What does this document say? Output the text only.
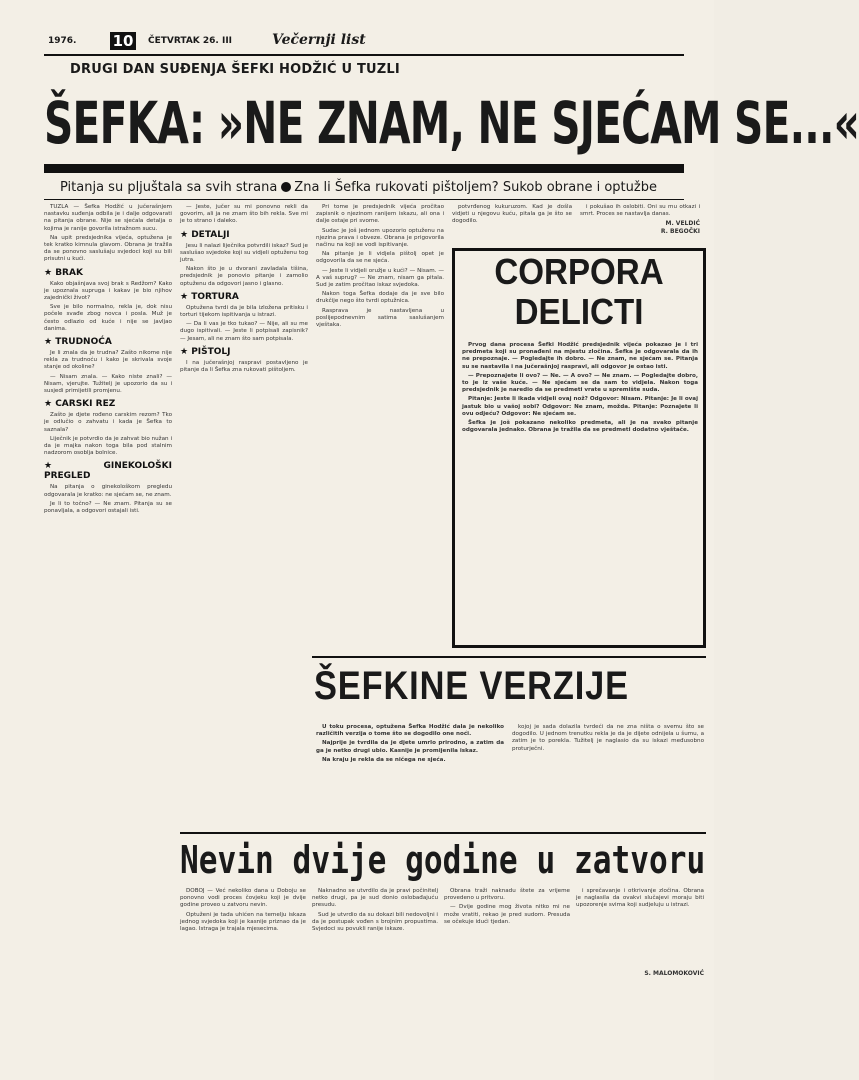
1976. 10 ČETVRTAK 26. III	Večernji list
DRUGI DAN SUĐENJA ŠEFKI HODŽIĆ U TUZLI
ŠEFKA: »NE ZNAM, NE SJEĆAM SE...«
Pitanja su pljuštala sa svih strana Zna li Šefka rukovati pištoljem? Sukob obrane i optužbe

TUZLA — Šefka Hodžić u jučerašnjem nastavku suđenja odbila je i dalje odgovarati na pitanja obrane. Nije se sjećala detalja o kojima je ranije govorila istražnom sucu.

Na upit predsjednika vijeća, optužena je tek kratko kimnula glavom. Obrana je tražila da se ponovno saslušaju svjedoci koji su bili prisutni u kući.

★ BRAK

Kako objašnjava svoj brak s Redžom? Kako je upoznala supruga i kakav je bio njihov zajednički život?

Sve je bilo normalno, rekla je, dok nisu počele svađe zbog novca i posla. Muž je često odlazio od kuće i nije se javljao danima.

★ TRUDNOĆA

Je li znala da je trudna? Zašto nikome nije rekla za trudnoću i kako je skrivala svoje stanje od okoline?

— Nisam znala. — Kako niste znali? — Nisam, vjerujte. Tužitelj je upozorio da su i susjedi primijetili promjenu.

★ CARSKI REZ

Zašto je djete rođeno carskim rezom? Tko je odlučio o zahvatu i kada je Šefka to saznala?

Liječnik je potvrdio da je zahvat bio nužan i da je majka nakon toga bila pod stalnim nadzorom osoblja bolnice.

★ GINEKOLOŠKI PREGLED

Na pitanja o ginekološkom pregledu odgovarala je kratko: ne sjećam se, ne znam.

Je li to točno? — Ne znam. Pitanja su se ponavljala, a odgovori ostajali isti.

— Jeste, jučer su mi ponovno rekli da govorim, ali ja ne znam što bih rekla. Sve mi je to strano i daleko.

★ DETALJI

Jesu li nalazi liječnika potvrdili iskaz? Sud je saslušao svjedoke koji su vidjeli optuženu tog jutra.

Nakon što je u dvorani zavladala tišina, predsjednik je ponovio pitanje i zamolio optuženu da odgovori jasno i glasno.

★ TORTURA

Optužena tvrdi da je bila izložena pritisku i torturi tijekom ispitivanja u istrazi.

— Da li vas je tko tukao? — Nije, ali su me dugo ispitivali. — Jeste li potpisali zapisnik? — Jesam, ali ne znam što sam potpisala.

★ PIŠTOLJ

I na jučerašnjoj raspravi postavljeno je pitanje da li Šefka zna rukovati pištoljem.

Pri tome je predsjednik vijeća pročitao zapisnik o njezinom ranijem iskazu, ali ona i dalje ostaje pri svome.

Sudac je još jednom upozorio optuženu na njezina prava i obveze. Obrana je prigovorila načinu na koji se vodi ispitivanje.

Na pitanje je li vidjela pištolj opet je odgovorila da se ne sjeća.

— Jeste li vidjeli oružje u kući? — Nisam. — A vaš suprug? — Ne znam, nisam ga pitala. Sud je zatim pročitao iskaz svjedoka.

Nakon toga Šefka dodaje da je sve bilo drukčije nego što tvrdi optužnica.

Rasprava je nastavljena u poslijepodnevnim satima saslušanjem vještaka.

potvrđenog kukuruzom. Kad je došla vidjeti u njegovu kuću, pitala ga je što se dogodilo.

i pokušao ih oslobiti. Oni su mu otkazi i smrt. Proces se nastavlja danas.

M. VELDIĆ
R. BEGOČKI
CORPORA
DELICTI

Prvog dana procesa Šefki Hodžić predsjednik vijeća pokazao je i tri predmeta koji su pronađeni na mjestu zločina. Šefka je odgovarala da ih ne prepoznaje. — Pogledajte ih dobro. — Ne znam, ne sjećam se. Pitanja su se nastavila i na jučerašnjoj raspravi, ali odgovor je ostao isti.

— Prepoznajete li ovo? — Ne. — A ovo? — Ne znam. — Pogledajte dobro, to je iz vaše kuće. — Ne sjećam se da sam to vidjela. Nakon toga predsjednik je naredio da se predmeti vrate u spremište suda.

Pitanje: Jeste li ikada vidjeli ovaj nož? Odgovor: Nisam. Pitanje: Je li ovaj jastuk bio u vašoj sobi? Odgovor: Ne znam, možda. Pitanje: Poznajete li ovu odjeću? Odgovor: Ne sjećam se.

Šefka je još pokazano nekoliko predmeta, ali je na svako pitanje odgovarala jednako. Obrana je tražila da se predmeti dodatno vještače.

ŠEFKINE VERZIJE

U toku procesa, optužena Šefka Hodžić dala je nekoliko različitih verzija o tome što se dogodilo one noći.

Najprije je tvrdila da je djete umrlo prirodno, a zatim da ga je netko drugi ubio. Kasnije je promijenila iskaz.

Na kraju je rekla da se ničega ne sjeća.

kojoj je sada dolazila tvrdeći da ne zna ništa o svemu što se dogodilo. U jednom trenutku rekla je da je dijete odnijela u šumu, a zatim je to porekla. Tužitelj je naglasio da su iskazi međusobno proturječni.

Nevin dvije godine u zatvoru

DOBOJ — Već nekoliko dana u Doboju se ponovno vodi proces čovjeku koji je dvije godine proveo u zatvoru nevin.

Optuženi je tada uhićen na temelju iskaza jednog svjedoka koji je kasnije priznao da je lagao. Istraga je trajala mjesecima.

Naknadno se utvrdilo da je pravi počinitelj netko drugi, pa je sud donio oslobađajuću presudu.

Sud je utvrdio da su dokazi bili nedovoljni i da je postupak vođen s brojnim propustima. Svjedoci su povukli ranije iskaze.

Obrana traži naknadu štete za vrijeme provedeno u pritvoru.

— Dvije godine mog života nitko mi ne može vratiti, rekao je pred sudom. Presuda se očekuje idući tjedan.

i sprečavanje i otkrivanje zločina. Obrana je naglasila da ovakvi slučajevi moraju biti upozorenje svima koji sudjeluju u istrazi.

S. MALOMOKOVIĆ
